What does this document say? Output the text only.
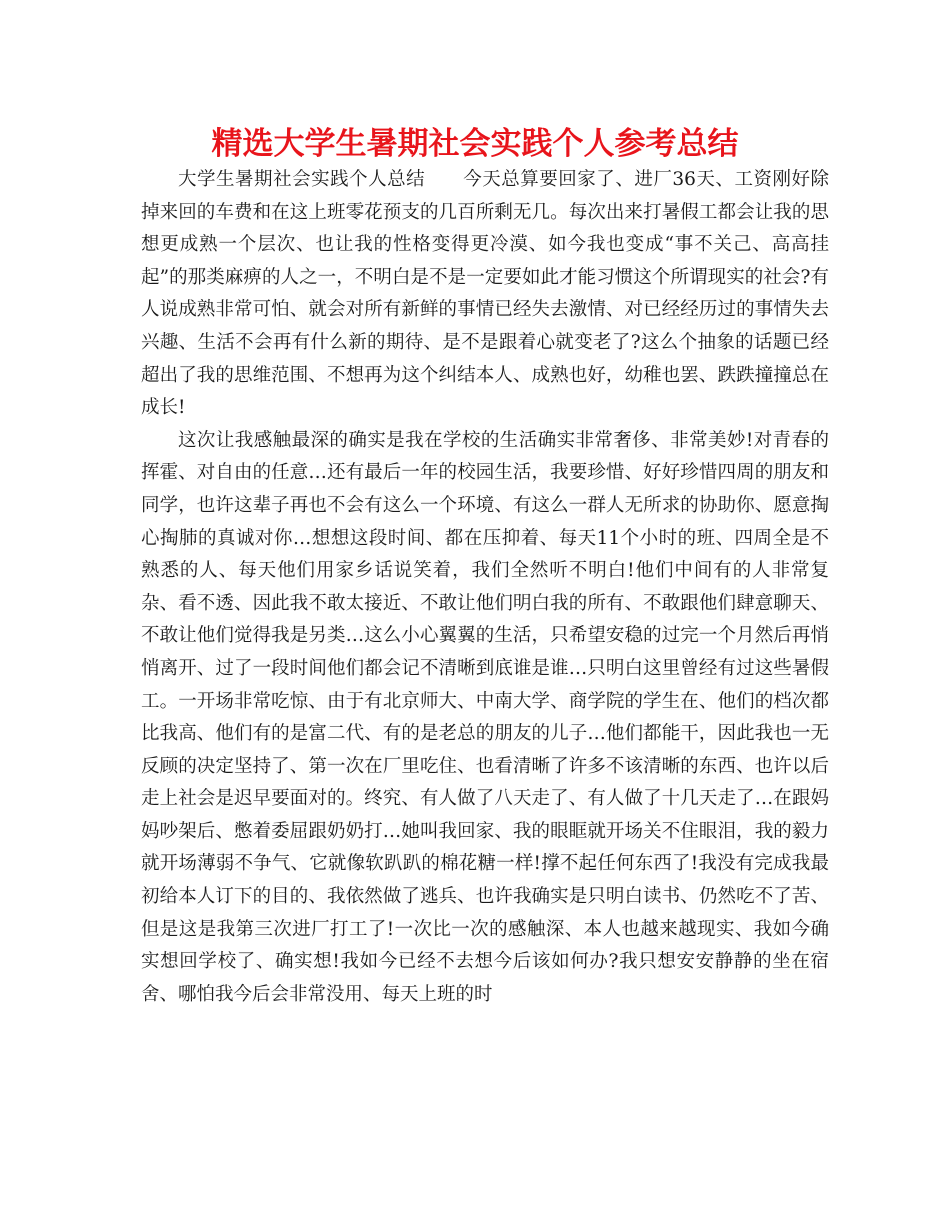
精选大学生暑期社会实践个人参考总结

大学生暑期社会实践个人总结　　今天总算要回家了、进厂36天、工资刚好除掉来回的车费和在这上班零花预支的几百所剩无几。每次出来打暑假工都会让我的思想更成熟一个层次、也让我的性格变得更冷漠、如今我也变成“事不关己、高高挂起”的那类麻痹的人之一，不明白是不是一定要如此才能习惯这个所谓现实的社会?有人说成熟非常可怕、就会对所有新鲜的事情已经失去激情、对已经经历过的事情失去兴趣、生活不会再有什么新的期待、是不是跟着心就变老了?这么个抽象的话题已经超出了我的思维范围、不想再为这个纠结本人、成熟也好，幼稚也罢、跌跌撞撞总在成长!

这次让我感触最深的确实是我在学校的生活确实非常奢侈、非常美妙!对青春的挥霍、对自由的任意…还有最后一年的校园生活，我要珍惜、好好珍惜四周的朋友和同学，也许这辈子再也不会有这么一个环境、有这么一群人无所求的协助你、愿意掏心掏肺的真诚对你…想想这段时间、都在压抑着、每天11个小时的班、四周全是不熟悉的人、每天他们用家乡话说笑着，我们全然听不明白!他们中间有的人非常复杂、看不透、因此我不敢太接近、不敢让他们明白我的所有、不敢跟他们肆意聊天、不敢让他们觉得我是另类…这么小心翼翼的生活，只希望安稳的过完一个月然后再悄悄离开、过了一段时间他们都会记不清晰到底谁是谁…只明白这里曾经有过这些暑假工。一开场非常吃惊、由于有北京师大、中南大学、商学院的学生在、他们的档次都比我高、他们有的是富二代、有的是老总的朋友的儿子…他们都能干，因此我也一无反顾的决定坚持了、第一次在厂里吃住、也看清晰了许多不该清晰的东西、也许以后走上社会是迟早要面对的。终究、有人做了八天走了、有人做了十几天走了…在跟妈妈吵架后、憋着委屈跟奶奶打…她叫我回家、我的眼眶就开场关不住眼泪，我的毅力就开场薄弱不争气、它就像软趴趴的棉花糖一样!撑不起任何东西了!我没有完成我最初给本人订下的目的、我依然做了逃兵、也许我确实是只明白读书、仍然吃不了苦、但是这是我第三次进厂打工了!一次比一次的感触深、本人也越来越现实、我如今确实想回学校了、确实想!我如今已经不去想今后该如何办?我只想安安静静的坐在宿舍、哪怕我今后会非常没用、每天上班的时
